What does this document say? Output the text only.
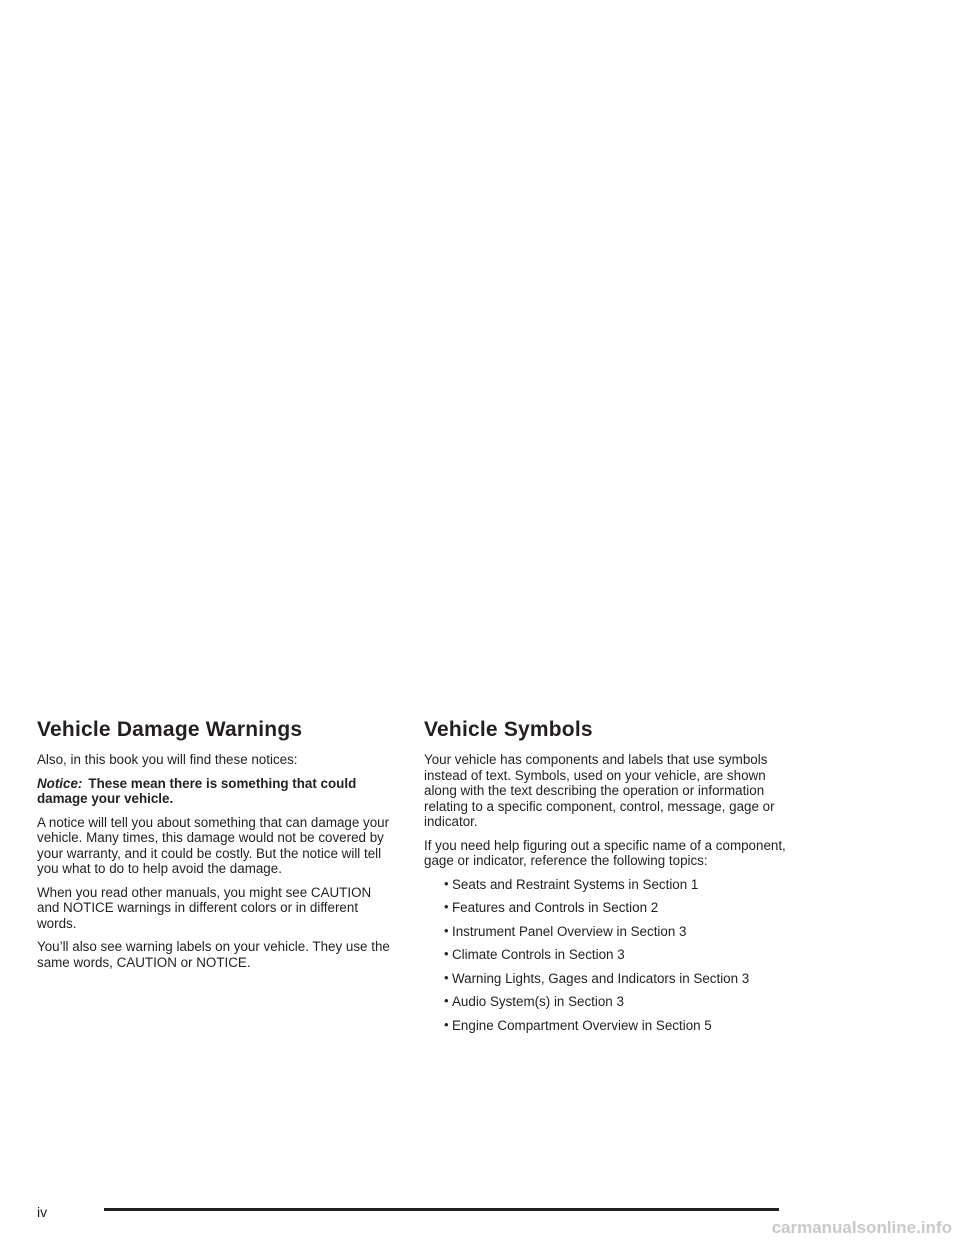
Vehicle Damage Warnings

Also, in this book you will find these notices:

Notice: These mean there is something that could damage your vehicle.

A notice will tell you about something that can damage your vehicle. Many times, this damage would not be covered by your warranty, and it could be costly. But the notice will tell you what to do to help avoid the damage.

When you read other manuals, you might see CAUTION and NOTICE warnings in different colors or in different words.

You’ll also see warning labels on your vehicle. They use the same words, CAUTION or NOTICE.

Vehicle Symbols

Your vehicle has components and labels that use symbols instead of text. Symbols, used on your vehicle, are shown along with the text describing the operation or information relating to a specific component, control, message, gage or indicator.

If you need help figuring out a specific name of a component, gage or indicator, reference the following topics:

• Seats and Restraint Systems in Section 1
• Features and Controls in Section 2
• Instrument Panel Overview in Section 3
• Climate Controls in Section 3
• Warning Lights, Gages and Indicators in Section 3
• Audio System(s) in Section 3
• Engine Compartment Overview in Section 5
iv
carmanualsonline.info
